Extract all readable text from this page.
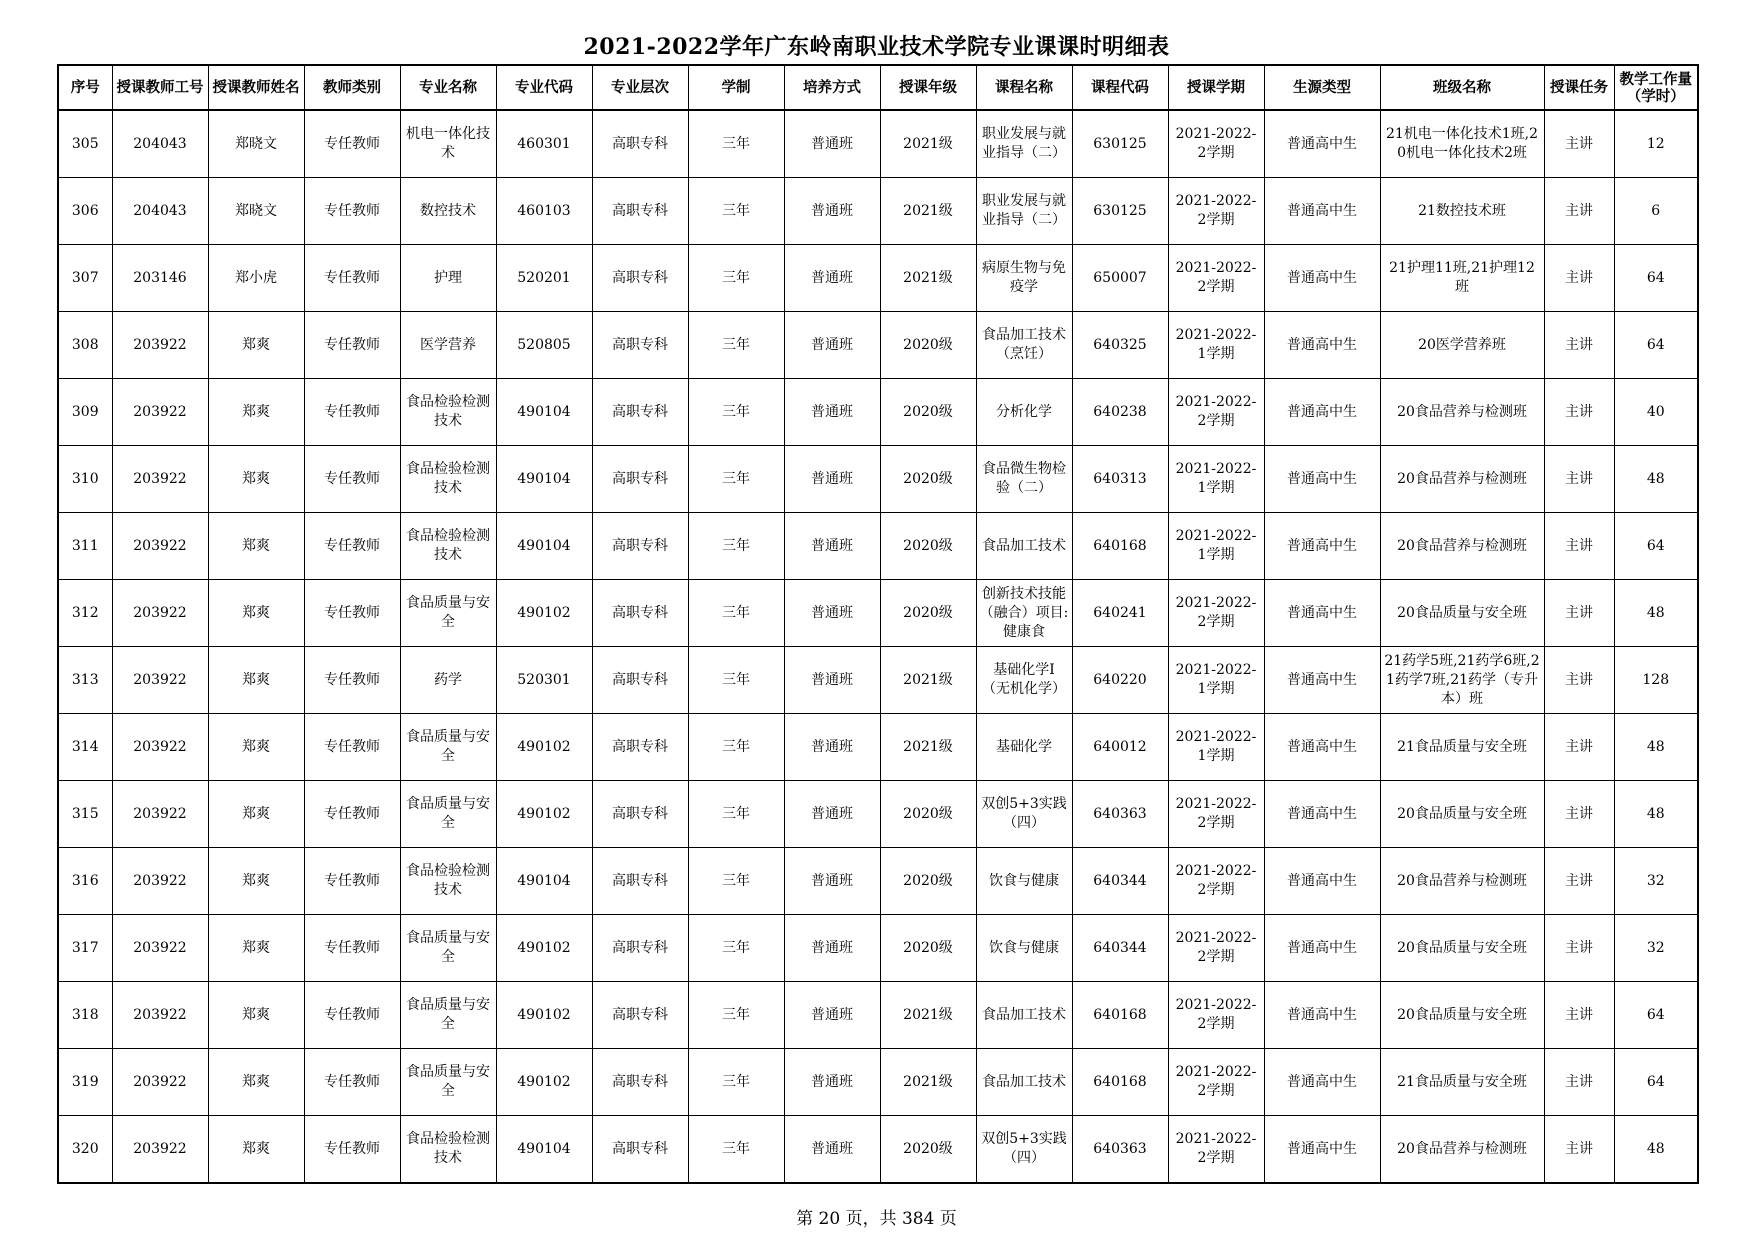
2021-2022学年广东岭南职业技术学院专业课课时明细表
序号	授课教师工号	授课教师姓名	教师类别	专业名称	专业代码	专业层次	学制	培养方式	授课年级	课程名称	课程代码	授课学期	生源类型	班级名称	授课任务	教学工作量（学时）
305	204043	郑晓文	专任教师	机电一体化技术	460301	高职专科	三年	普通班	2021级	职业发展与就业指导（二）	630125	2021-2022-2学期	普通高中生	21机电一体化技术1班,20机电一体化技术2班	主讲	12
306	204043	郑晓文	专任教师	数控技术	460103	高职专科	三年	普通班	2021级	职业发展与就业指导（二）	630125	2021-2022-2学期	普通高中生	21数控技术班	主讲	6
307	203146	郑小虎	专任教师	护理	520201	高职专科	三年	普通班	2021级	病原生物与免疫学	650007	2021-2022-2学期	普通高中生	21护理11班,21护理12班	主讲	64
308	203922	郑爽	专任教师	医学营养	520805	高职专科	三年	普通班	2020级	食品加工技术（烹饪）	640325	2021-2022-1学期	普通高中生	20医学营养班	主讲	64
309	203922	郑爽	专任教师	食品检验检测技术	490104	高职专科	三年	普通班	2020级	分析化学	640238	2021-2022-2学期	普通高中生	20食品营养与检测班	主讲	40
310	203922	郑爽	专任教师	食品检验检测技术	490104	高职专科	三年	普通班	2020级	食品微生物检验（二）	640313	2021-2022-1学期	普通高中生	20食品营养与检测班	主讲	48
311	203922	郑爽	专任教师	食品检验检测技术	490104	高职专科	三年	普通班	2020级	食品加工技术	640168	2021-2022-1学期	普通高中生	20食品营养与检测班	主讲	64
312	203922	郑爽	专任教师	食品质量与安全	490102	高职专科	三年	普通班	2020级	创新技术技能（融合）项目:健康食	640241	2021-2022-2学期	普通高中生	20食品质量与安全班	主讲	48
313	203922	郑爽	专任教师	药学	520301	高职专科	三年	普通班	2021级	基础化学I（无机化学）	640220	2021-2022-1学期	普通高中生	21药学5班,21药学6班,21药学7班,21药学（专升本）班	主讲	128
314	203922	郑爽	专任教师	食品质量与安全	490102	高职专科	三年	普通班	2021级	基础化学	640012	2021-2022-1学期	普通高中生	21食品质量与安全班	主讲	48
315	203922	郑爽	专任教师	食品质量与安全	490102	高职专科	三年	普通班	2020级	双创5+3实践（四）	640363	2021-2022-2学期	普通高中生	20食品质量与安全班	主讲	48
316	203922	郑爽	专任教师	食品检验检测技术	490104	高职专科	三年	普通班	2020级	饮食与健康	640344	2021-2022-2学期	普通高中生	20食品营养与检测班	主讲	32
317	203922	郑爽	专任教师	食品质量与安全	490102	高职专科	三年	普通班	2020级	饮食与健康	640344	2021-2022-2学期	普通高中生	20食品质量与安全班	主讲	32
318	203922	郑爽	专任教师	食品质量与安全	490102	高职专科	三年	普通班	2021级	食品加工技术	640168	2021-2022-2学期	普通高中生	20食品质量与安全班	主讲	64
319	203922	郑爽	专任教师	食品质量与安全	490102	高职专科	三年	普通班	2021级	食品加工技术	640168	2021-2022-2学期	普通高中生	21食品质量与安全班	主讲	64
320	203922	郑爽	专任教师	食品检验检测技术	490104	高职专科	三年	普通班	2020级	双创5+3实践（四）	640363	2021-2022-2学期	普通高中生	20食品营养与检测班	主讲	48
第 20 页，共 384 页
